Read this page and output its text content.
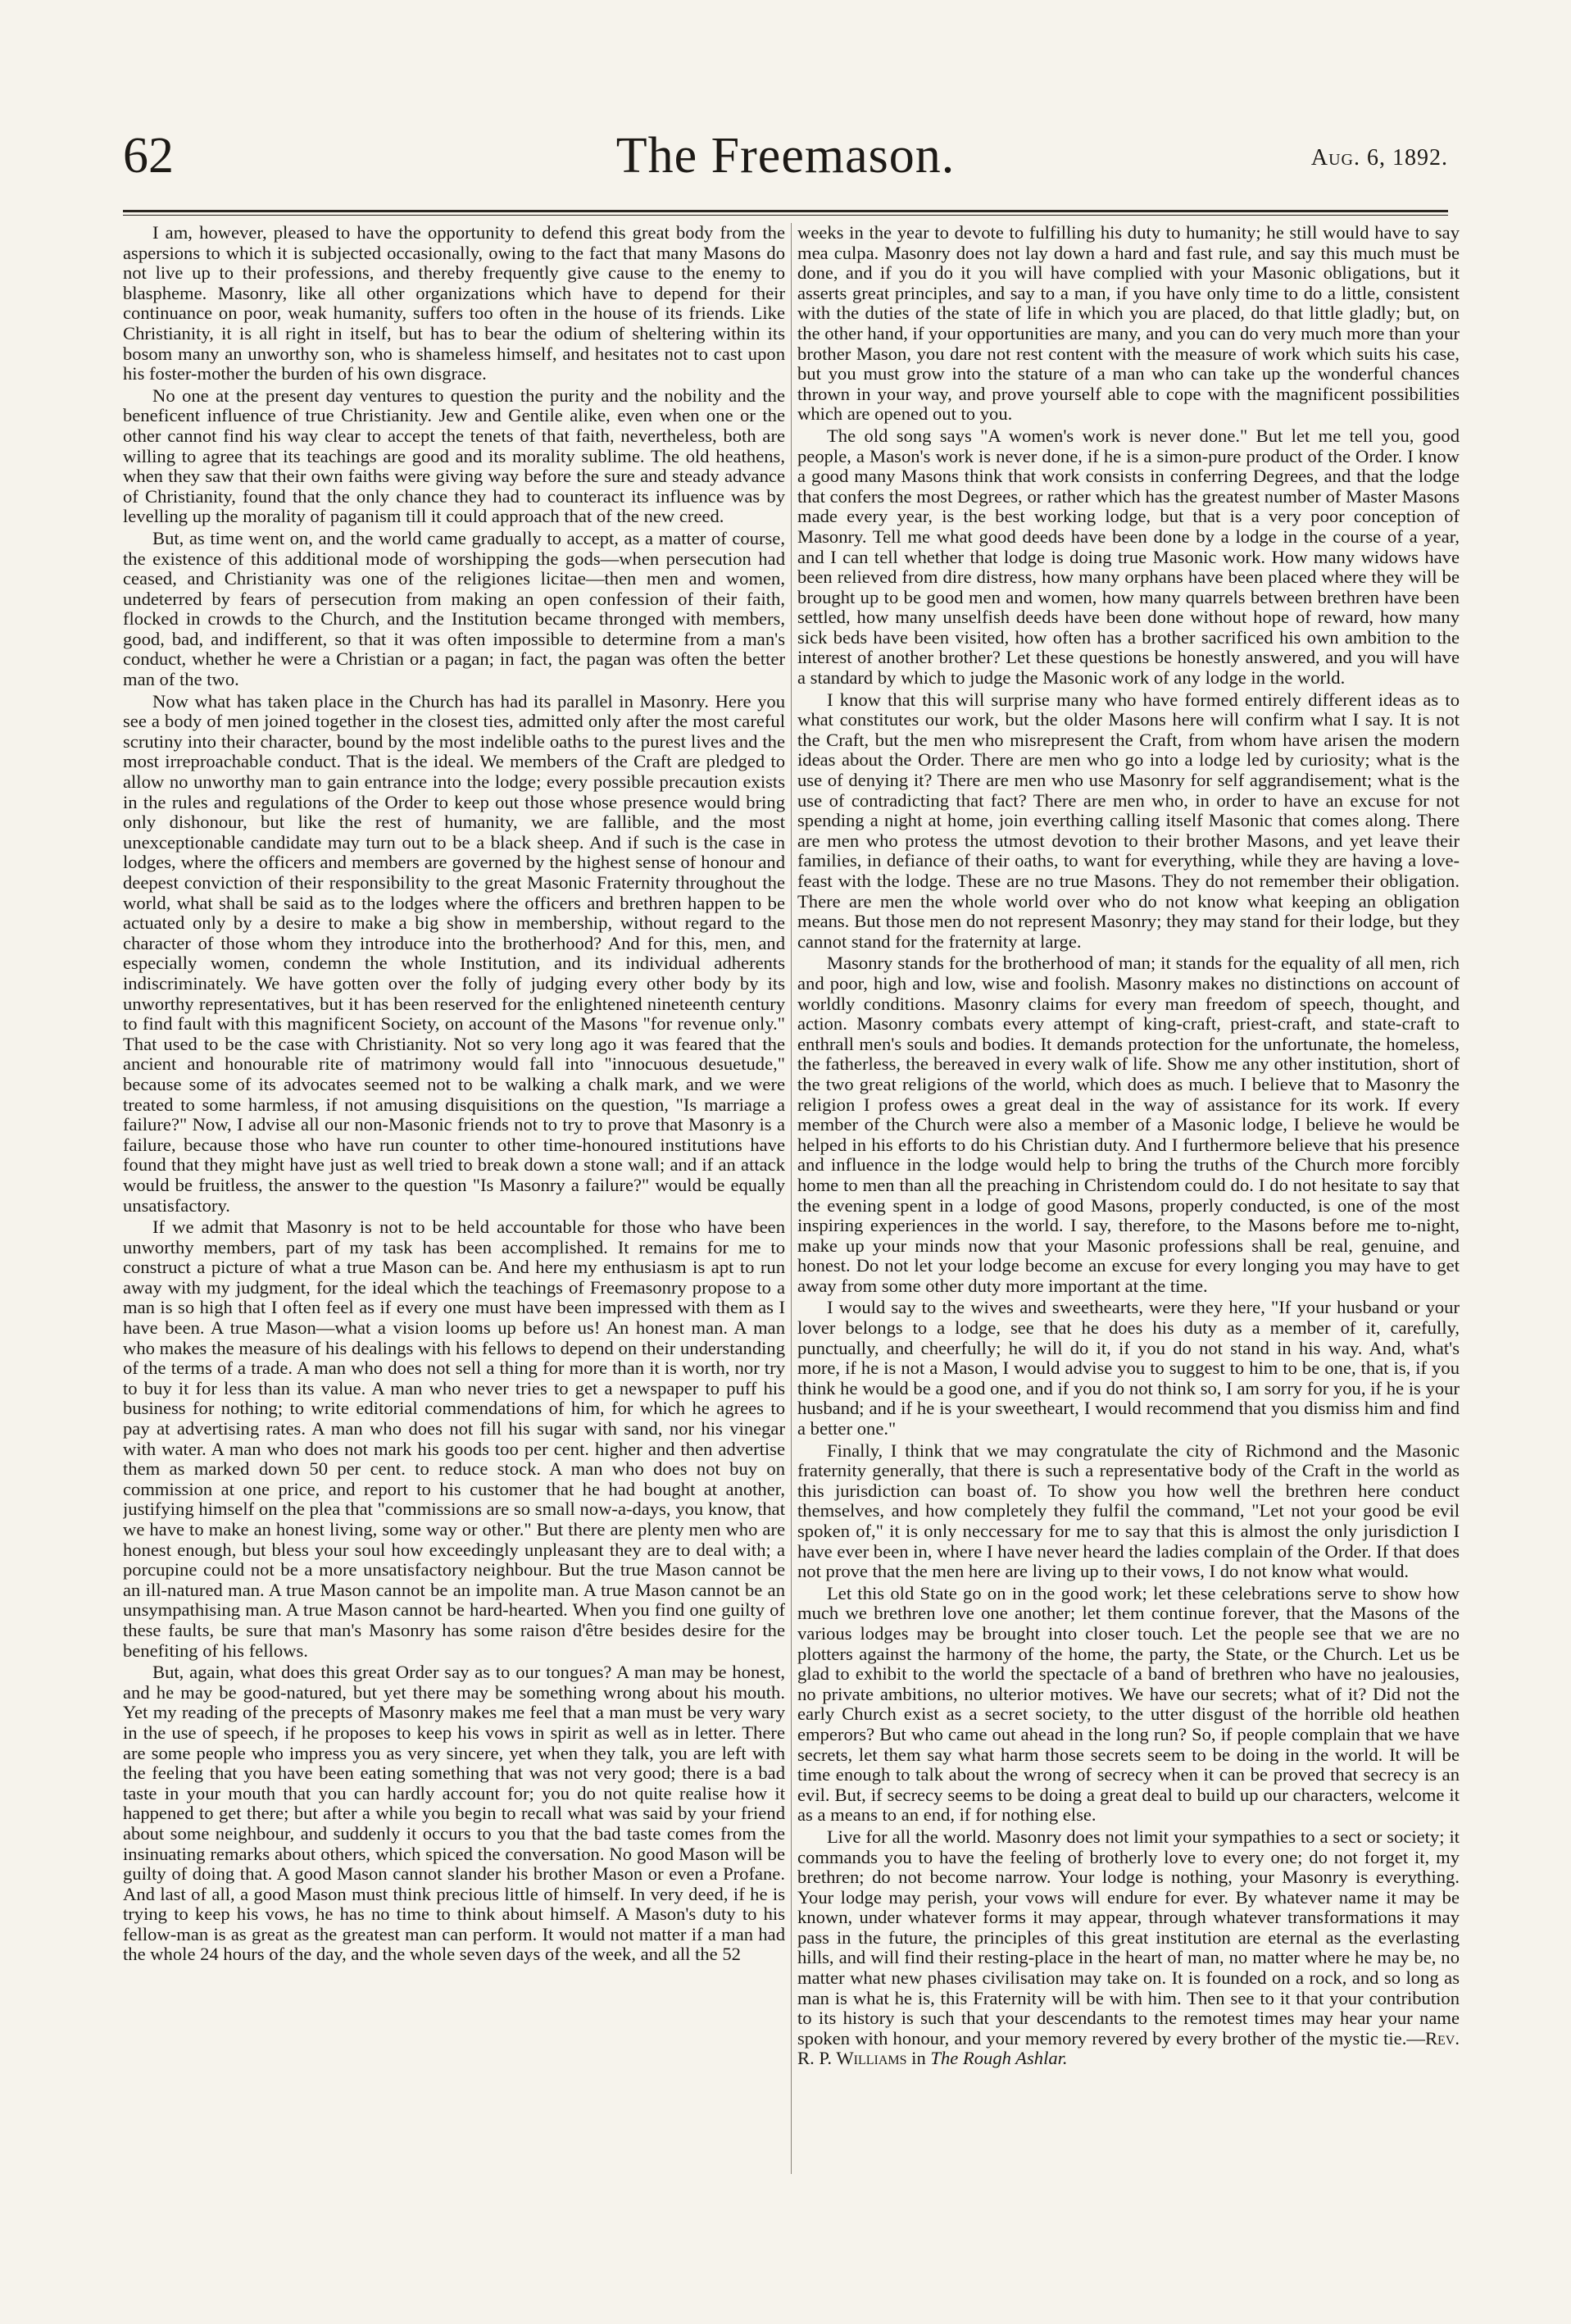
62	The Freemason.	Aug. 6, 1892.

I am, however, pleased to have the opportunity to defend this great body from the aspersions to which it is subjected occasionally, owing to the fact that many Masons do not live up to their professions, and thereby frequently give cause to the enemy to blaspheme. Masonry, like all other organizations which have to depend for their continuance on poor, weak humanity, suffers too often in the house of its friends. Like Christianity, it is all right in itself, but has to bear the odium of sheltering within its bosom many an unworthy son, who is shameless himself, and hesitates not to cast upon his foster-mother the burden of his own disgrace.

No one at the present day ventures to question the purity and the nobility and the beneficent influence of true Christianity. Jew and Gentile alike, even when one or the other cannot find his way clear to accept the tenets of that faith, nevertheless, both are willing to agree that its teachings are good and its morality sublime. The old heathens, when they saw that their own faiths were giving way before the sure and steady advance of Christianity, found that the only chance they had to counteract its influence was by levelling up the morality of paganism till it could approach that of the new creed.

But, as time went on, and the world came gradually to accept, as a matter of course, the existence of this additional mode of worshipping the gods—when persecution had ceased, and Christianity was one of the religiones licitae—then men and women, undeterred by fears of persecution from making an open confession of their faith, flocked in crowds to the Church, and the Institution became thronged with members, good, bad, and indifferent, so that it was often impossible to determine from a man's conduct, whether he were a Christian or a pagan; in fact, the pagan was often the better man of the two.

Now what has taken place in the Church has had its parallel in Masonry. Here you see a body of men joined together in the closest ties, admitted only after the most careful scrutiny into their character, bound by the most indelible oaths to the purest lives and the most irreproachable conduct. That is the ideal. We members of the Craft are pledged to allow no unworthy man to gain entrance into the lodge; every possible precaution exists in the rules and regulations of the Order to keep out those whose presence would bring only dishonour, but like the rest of humanity, we are fallible, and the most unexceptionable candidate may turn out to be a black sheep. And if such is the case in lodges, where the officers and members are governed by the highest sense of honour and deepest conviction of their responsibility to the great Masonic Fraternity throughout the world, what shall be said as to the lodges where the officers and brethren happen to be actuated only by a desire to make a big show in membership, without regard to the character of those whom they introduce into the brotherhood? And for this, men, and especially women, condemn the whole Institution, and its individual adherents indiscriminately. We have gotten over the folly of judging every other body by its unworthy representatives, but it has been reserved for the enlightened nineteenth century to find fault with this magnificent Society, on account of the Masons "for revenue only." That used to be the case with Christianity. Not so very long ago it was feared that the ancient and honourable rite of matrimony would fall into "innocuous desuetude," because some of its advocates seemed not to be walking a chalk mark, and we were treated to some harmless, if not amusing disquisitions on the question, "Is marriage a failure?" Now, I advise all our non-Masonic friends not to try to prove that Masonry is a failure, because those who have run counter to other time-honoured institutions have found that they might have just as well tried to break down a stone wall; and if an attack would be fruitless, the answer to the question "Is Masonry a failure?" would be equally unsatisfactory.

If we admit that Masonry is not to be held accountable for those who have been unworthy members, part of my task has been accomplished. It remains for me to construct a picture of what a true Mason can be. And here my enthusiasm is apt to run away with my judgment, for the ideal which the teachings of Freemasonry propose to a man is so high that I often feel as if every one must have been impressed with them as I have been. A true Mason—what a vision looms up before us! An honest man. A man who makes the measure of his dealings with his fellows to depend on their understanding of the terms of a trade. A man who does not sell a thing for more than it is worth, nor try to buy it for less than its value. A man who never tries to get a newspaper to puff his business for nothing; to write editorial commendations of him, for which he agrees to pay at advertising rates. A man who does not fill his sugar with sand, nor his vinegar with water. A man who does not mark his goods too per cent. higher and then advertise them as marked down 50 per cent. to reduce stock. A man who does not buy on commission at one price, and report to his customer that he had bought at another, justifying himself on the plea that "commissions are so small now-a-days, you know, that we have to make an honest living, some way or other." But there are plenty men who are honest enough, but bless your soul how exceedingly unpleasant they are to deal with; a porcupine could not be a more unsatisfactory neighbour. But the true Mason cannot be an ill-natured man. A true Mason cannot be an impolite man. A true Mason cannot be an unsympathising man. A true Mason cannot be hard-hearted. When you find one guilty of these faults, be sure that man's Masonry has some raison d'être besides desire for the benefiting of his fellows.

But, again, what does this great Order say as to our tongues? A man may be honest, and he may be good-natured, but yet there may be something wrong about his mouth. Yet my reading of the precepts of Masonry makes me feel that a man must be very wary in the use of speech, if he proposes to keep his vows in spirit as well as in letter. There are some people who impress you as very sincere, yet when they talk, you are left with the feeling that you have been eating something that was not very good; there is a bad taste in your mouth that you can hardly account for; you do not quite realise how it happened to get there; but after a while you begin to recall what was said by your friend about some neighbour, and suddenly it occurs to you that the bad taste comes from the insinuating remarks about others, which spiced the conversation. No good Mason will be guilty of doing that. A good Mason cannot slander his brother Mason or even a Profane. And last of all, a good Mason must think precious little of himself. In very deed, if he is trying to keep his vows, he has no time to think about himself. A Mason's duty to his fellow-man is as great as the greatest man can perform. It would not matter if a man had the whole 24 hours of the day, and the whole seven days of the week, and all the 52

weeks in the year to devote to fulfilling his duty to humanity; he still would have to say mea culpa. Masonry does not lay down a hard and fast rule, and say this much must be done, and if you do it you will have complied with your Masonic obligations, but it asserts great principles, and say to a man, if you have only time to do a little, consistent with the duties of the state of life in which you are placed, do that little gladly; but, on the other hand, if your opportunities are many, and you can do very much more than your brother Mason, you dare not rest content with the measure of work which suits his case, but you must grow into the stature of a man who can take up the wonderful chances thrown in your way, and prove yourself able to cope with the magnificent possibilities which are opened out to you.

The old song says "A women's work is never done." But let me tell you, good people, a Mason's work is never done, if he is a simon-pure product of the Order. I know a good many Masons think that work consists in conferring Degrees, and that the lodge that confers the most Degrees, or rather which has the greatest number of Master Masons made every year, is the best working lodge, but that is a very poor conception of Masonry. Tell me what good deeds have been done by a lodge in the course of a year, and I can tell whether that lodge is doing true Masonic work. How many widows have been relieved from dire distress, how many orphans have been placed where they will be brought up to be good men and women, how many quarrels between brethren have been settled, how many unselfish deeds have been done without hope of reward, how many sick beds have been visited, how often has a brother sacrificed his own ambition to the interest of another brother? Let these questions be honestly answered, and you will have a standard by which to judge the Masonic work of any lodge in the world.

I know that this will surprise many who have formed entirely different ideas as to what constitutes our work, but the older Masons here will confirm what I say. It is not the Craft, but the men who misrepresent the Craft, from whom have arisen the modern ideas about the Order. There are men who go into a lodge led by curiosity; what is the use of denying it? There are men who use Masonry for self aggrandisement; what is the use of contradicting that fact? There are men who, in order to have an excuse for not spending a night at home, join everthing calling itself Masonic that comes along. There are men who protess the utmost devotion to their brother Masons, and yet leave their families, in defiance of their oaths, to want for everything, while they are having a love-feast with the lodge. These are no true Masons. They do not remember their obligation. There are men the whole world over who do not know what keeping an obligation means. But those men do not represent Masonry; they may stand for their lodge, but they cannot stand for the fraternity at large.

Masonry stands for the brotherhood of man; it stands for the equality of all men, rich and poor, high and low, wise and foolish. Masonry makes no distinctions on account of worldly conditions. Masonry claims for every man freedom of speech, thought, and action. Masonry combats every attempt of king-craft, priest-craft, and state-craft to enthrall men's souls and bodies. It demands protection for the unfortunate, the homeless, the fatherless, the bereaved in every walk of life. Show me any other institution, short of the two great religions of the world, which does as much. I believe that to Masonry the religion I profess owes a great deal in the way of assistance for its work. If every member of the Church were also a member of a Masonic lodge, I believe he would be helped in his efforts to do his Christian duty. And I furthermore believe that his presence and influence in the lodge would help to bring the truths of the Church more forcibly home to men than all the preaching in Christendom could do. I do not hesitate to say that the evening spent in a lodge of good Masons, properly conducted, is one of the most inspiring experiences in the world. I say, therefore, to the Masons before me to-night, make up your minds now that your Masonic professions shall be real, genuine, and honest. Do not let your lodge become an excuse for every longing you may have to get away from some other duty more important at the time.

I would say to the wives and sweethearts, were they here, "If your husband or your lover belongs to a lodge, see that he does his duty as a member of it, carefully, punctually, and cheerfully; he will do it, if you do not stand in his way. And, what's more, if he is not a Mason, I would advise you to suggest to him to be one, that is, if you think he would be a good one, and if you do not think so, I am sorry for you, if he is your husband; and if he is your sweetheart, I would recommend that you dismiss him and find a better one."

Finally, I think that we may congratulate the city of Richmond and the Masonic fraternity generally, that there is such a representative body of the Craft in the world as this jurisdiction can boast of. To show you how well the brethren here conduct themselves, and how completely they fulfil the command, "Let not your good be evil spoken of," it is only neccessary for me to say that this is almost the only jurisdiction I have ever been in, where I have never heard the ladies complain of the Order. If that does not prove that the men here are living up to their vows, I do not know what would.

Let this old State go on in the good work; let these celebrations serve to show how much we brethren love one another; let them continue forever, that the Masons of the various lodges may be brought into closer touch. Let the people see that we are no plotters against the harmony of the home, the party, the State, or the Church. Let us be glad to exhibit to the world the spectacle of a band of brethren who have no jealousies, no private ambitions, no ulterior motives. We have our secrets; what of it? Did not the early Church exist as a secret society, to the utter disgust of the horrible old heathen emperors? But who came out ahead in the long run? So, if people complain that we have secrets, let them say what harm those secrets seem to be doing in the world. It will be time enough to talk about the wrong of secrecy when it can be proved that secrecy is an evil. But, if secrecy seems to be doing a great deal to build up our characters, welcome it as a means to an end, if for nothing else.

Live for all the world. Masonry does not limit your sympathies to a sect or society; it commands you to have the feeling of brotherly love to every one; do not forget it, my brethren; do not become narrow. Your lodge is nothing, your Masonry is everything. Your lodge may perish, your vows will endure for ever. By whatever name it may be known, under whatever forms it may appear, through whatever transformations it may pass in the future, the principles of this great institution are eternal as the everlasting hills, and will find their resting-place in the heart of man, no matter where he may be, no matter what new phases civilisation may take on. It is founded on a rock, and so long as man is what he is, this Fraternity will be with him. Then see to it that your contribution to its history is such that your descendants to the remotest times may hear your name spoken with honour, and your memory revered by every brother of the mystic tie.—Rev. R. P. Williams in The Rough Ashlar.
